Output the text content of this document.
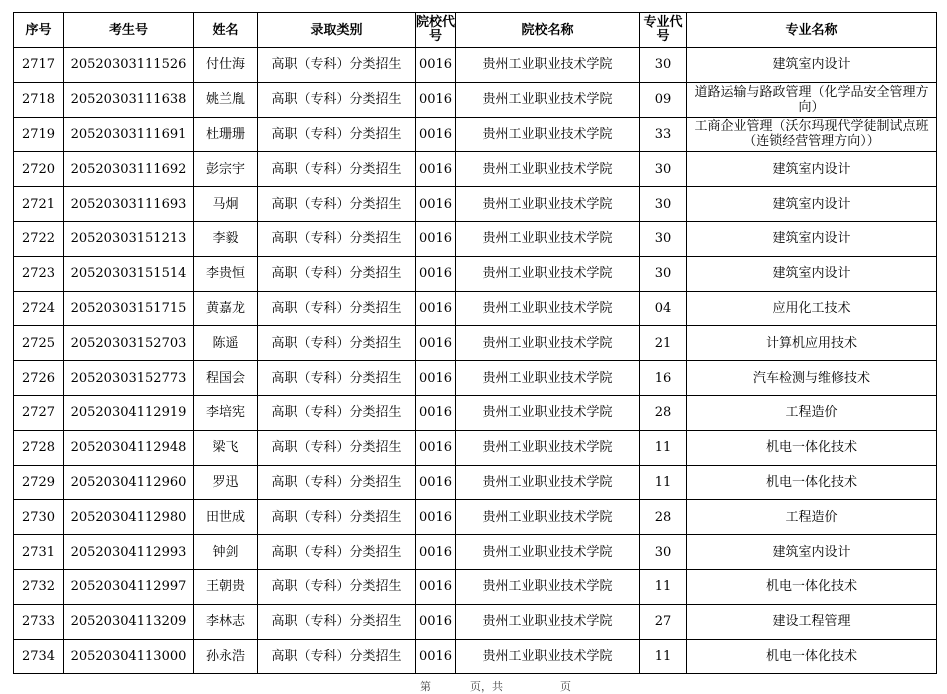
序号	考生号	姓名	录取类别	院校代号	院校名称	专业代号	专业名称
2717	20520303111526	付仕海	高职（专科）分类招生	0016	贵州工业职业技术学院	30	建筑室内设计
2718	20520303111638	姚兰胤	高职（专科）分类招生	0016	贵州工业职业技术学院	09	道路运输与路政管理（化学品安全管理方向）
2719	20520303111691	杜珊珊	高职（专科）分类招生	0016	贵州工业职业技术学院	33	工商企业管理（沃尔玛现代学徒制试点班（连锁经营管理方向））
2720	20520303111692	彭宗宇	高职（专科）分类招生	0016	贵州工业职业技术学院	30	建筑室内设计
2721	20520303111693	马炯	高职（专科）分类招生	0016	贵州工业职业技术学院	30	建筑室内设计
2722	20520303151213	李毅	高职（专科）分类招生	0016	贵州工业职业技术学院	30	建筑室内设计
2723	20520303151514	李贵恒	高职（专科）分类招生	0016	贵州工业职业技术学院	30	建筑室内设计
2724	20520303151715	黄嘉龙	高职（专科）分类招生	0016	贵州工业职业技术学院	04	应用化工技术
2725	20520303152703	陈遥	高职（专科）分类招生	0016	贵州工业职业技术学院	21	计算机应用技术
2726	20520303152773	程国会	高职（专科）分类招生	0016	贵州工业职业技术学院	16	汽车检测与维修技术
2727	20520304112919	李培宪	高职（专科）分类招生	0016	贵州工业职业技术学院	28	工程造价
2728	20520304112948	梁飞	高职（专科）分类招生	0016	贵州工业职业技术学院	11	机电一体化技术
2729	20520304112960	罗迅	高职（专科）分类招生	0016	贵州工业职业技术学院	11	机电一体化技术
2730	20520304112980	田世成	高职（专科）分类招生	0016	贵州工业职业技术学院	28	工程造价
2731	20520304112993	钟剑	高职（专科）分类招生	0016	贵州工业职业技术学院	30	建筑室内设计
2732	20520304112997	王朝贵	高职（专科）分类招生	0016	贵州工业职业技术学院	11	机电一体化技术
2733	20520304113209	李林志	高职（专科）分类招生	0016	贵州工业职业技术学院	27	建设工程管理
2734	20520304113000	孙永浩	高职（专科）分类招生	0016	贵州工业职业技术学院	11	机电一体化技术
第	页，共	页
